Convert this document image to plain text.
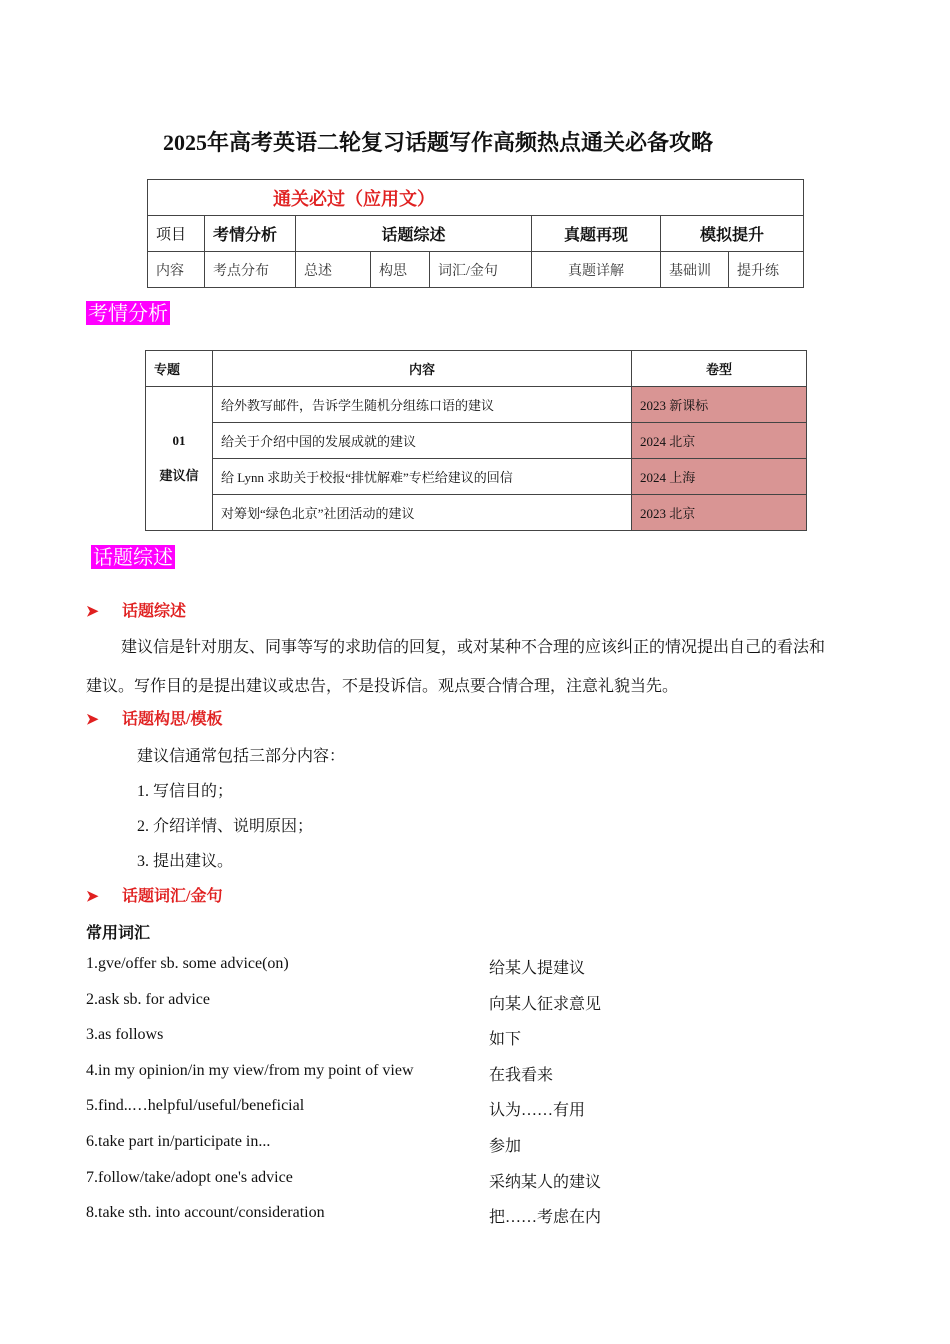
2025年高考英语二轮复习话题写作高频热点通关必备攻略
通关必过（应用文）							
项目	考情分析	话题综述			真题再现	模拟提升	
内容	考点分布	总述	构思	词汇/金句	真题详解	基础训	提升练
考情分析
专题	内容	卷型

01
建议信	给外教写邮件，告诉学生随机分组练口语的建议	2023 新课标
	给关于介绍中国的发展成就的建议	2024 北京
	给 Lynn 求助关于校报“排忧解难”专栏给建议的回信	2024 上海
	对筹划“绿色北京”社团活动的建议	2023 北京
话题综述
➤ 话题综述
建议信是针对朋友、同事等写的求助信的回复，或对某种不合理的应该纠正的情况提出自己的看法和
建议。写作目的是提出建议或忠告，不是投诉信。观点要合情合理，注意礼貌当先。
➤ 话题构思/模板
建议信通常包括三部分内容：
1. 写信目的；
2. 介绍详情、说明原因；
3. 提出建议。
➤ 话题词汇/金句
常用词汇
1.gve/offer sb. some advice(on)	给某人提建议
2.ask sb. for advice	向某人征求意见
3.as follows	如下
4.in my opinion/in my view/from my point of view	在我看来
5.find..…helpful/useful/beneficial	认为……有用
6.take part in/participate in...	参加
7.follow/take/adopt one's advice	采纳某人的建议
8.take sth. into account/consideration	把……考虑在内
